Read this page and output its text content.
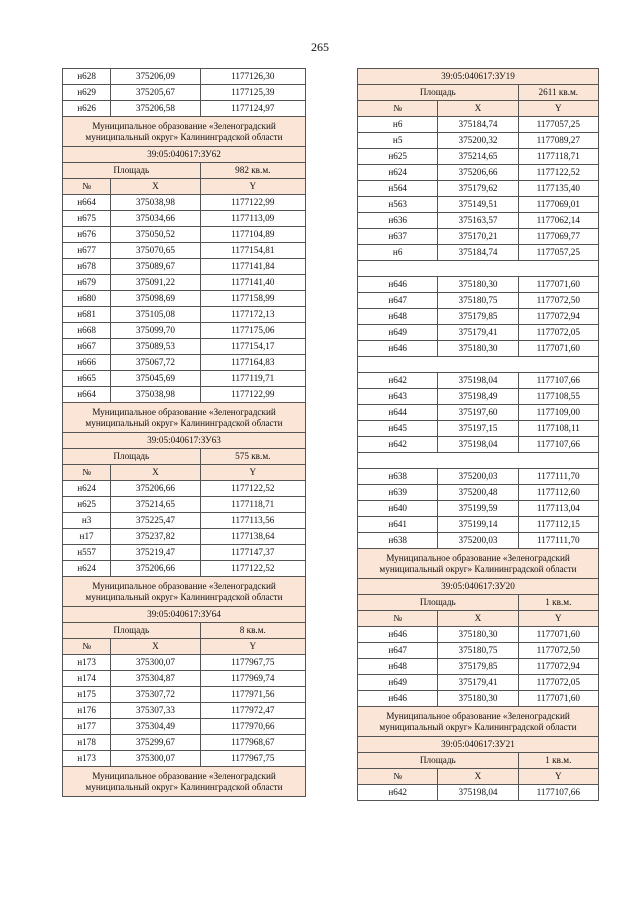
265
н628	375206,09	1177126,30
н629	375205,67	1177125,39
н626	375206,58	1177124,97
Муниципальное образование «Зеленоградский муниципальный округ» Калининградской области		
39:05:040617:ЗУ62		
Площадь		982 кв.м.
№	X	Y
н664	375038,98	1177122,99
н675	375034,66	1177113,09
н676	375050,52	1177104,89
н677	375070,65	1177154,81
н678	375089,67	1177141,84
н679	375091,22	1177141,40
н680	375098,69	1177158,99
н681	375105,08	1177172,13
н668	375099,70	1177175,06
н667	375089,53	1177154,17
н666	375067,72	1177164,83
н665	375045,69	1177119,71
н664	375038,98	1177122,99
Муниципальное образование «Зеленоградский муниципальный округ» Калининградской области		
39:05:040617:ЗУ63		
Площадь		575 кв.м.
№	X	Y
н624	375206,66	1177122,52
н625	375214,65	1177118,71
н3	375225,47	1177113,56
н17	375237,82	1177138,64
н557	375219,47	1177147,37
н624	375206,66	1177122,52
Муниципальное образование «Зеленоградский муниципальный округ» Калининградской области		
39:05:040617:ЗУ64		
Площадь		8 кв.м.
№	X	Y
н173	375300,07	1177967,75
н174	375304,87	1177969,74
н175	375307,72	1177971,56
н176	375307,33	1177972,47
н177	375304,49	1177970,66
н178	375299,67	1177968,67
н173	375300,07	1177967,75
Муниципальное образование «Зеленоградский муниципальный округ» Калининградской области		
39:05:040617:ЗУ19		
Площадь		2611 кв.м.
№	X	Y
н6	375184,74	1177057,25
н5	375200,32	1177089,27
н625	375214,65	1177118,71
н624	375206,66	1177122,52
н564	375179,62	1177135,40
н563	375149,51	1177069,01
н636	375163,57	1177062,14
н637	375170,21	1177069,77
н6	375184,74	1177057,25

н646	375180,30	1177071,60
н647	375180,75	1177072,50
н648	375179,85	1177072,94
н649	375179,41	1177072,05
н646	375180,30	1177071,60

н642	375198,04	1177107,66
н643	375198,49	1177108,55
н644	375197,60	1177109,00
н645	375197,15	1177108,11
н642	375198,04	1177107,66

н638	375200,03	1177111,70
н639	375200,48	1177112,60
н640	375199,59	1177113,04
н641	375199,14	1177112,15
н638	375200,03	1177111,70
Муниципальное образование «Зеленоградский муниципальный округ» Калининградской области		
39:05:040617:ЗУ20		
Площадь		1 кв.м.
№	X	Y
н646	375180,30	1177071,60
н647	375180,75	1177072,50
н648	375179,85	1177072,94
н649	375179,41	1177072,05
н646	375180,30	1177071,60
Муниципальное образование «Зеленоградский муниципальный округ» Калининградской области		
39:05:040617:ЗУ21		
Площадь		1 кв.м.
№	X	Y
н642	375198,04	1177107,66
